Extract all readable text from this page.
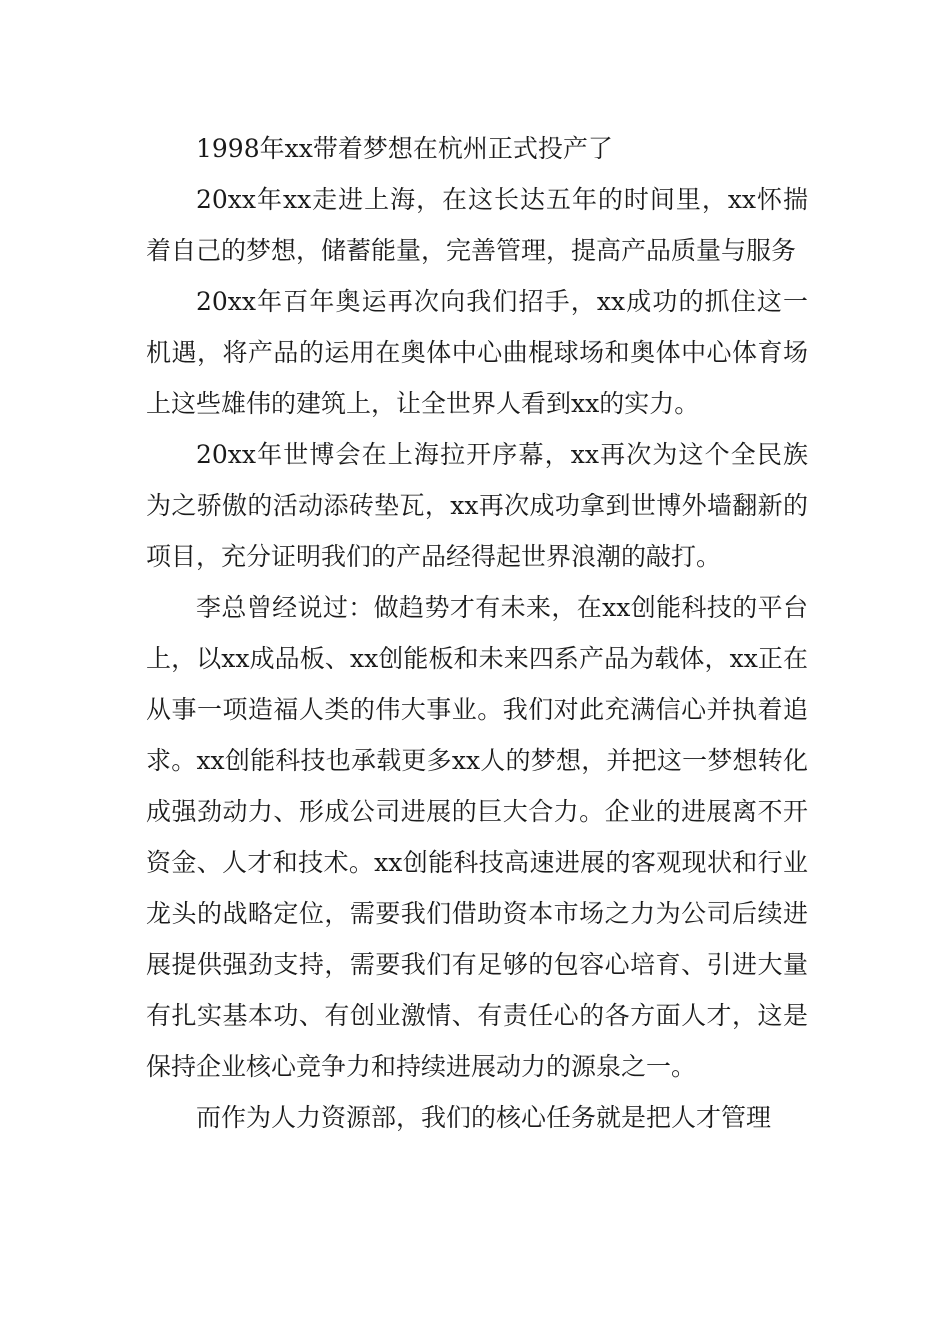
1998年xx带着梦想在杭州正式投产了

20xx年xx走进上海，在这长达五年的时间里，xx怀揣着自己的梦想，储蓄能量，完善管理，提高产品质量与服务

20xx年百年奥运再次向我们招手，xx成功的抓住这一机遇，将产品的运用在奥体中心曲棍球场和奥体中心体育场上这些雄伟的建筑上，让全世界人看到xx的实力。

20xx年世博会在上海拉开序幕，xx再次为这个全民族为之骄傲的活动添砖垫瓦，xx再次成功拿到世博外墙翻新的项目，充分证明我们的产品经得起世界浪潮的敲打。

李总曾经说过：做趋势才有未来，在xx创能科技的平台上，以xx成品板、xx创能板和未来四系产品为载体，xx正在从事一项造福人类的伟大事业。我们对此充满信心并执着追求。xx创能科技也承载更多xx人的梦想，并把这一梦想转化成强劲动力、形成公司进展的巨大合力。企业的进展离不开资金、人才和技术。xx创能科技高速进展的客观现状和行业龙头的战略定位，需要我们借助资本市场之力为公司后续进展提供强劲支持，需要我们有足够的包容心培育、引进大量有扎实基本功、有创业激情、有责任心的各方面人才，这是保持企业核心竞争力和持续进展动力的源泉之一。

而作为人力资源部，我们的核心任务就是把人才管理
